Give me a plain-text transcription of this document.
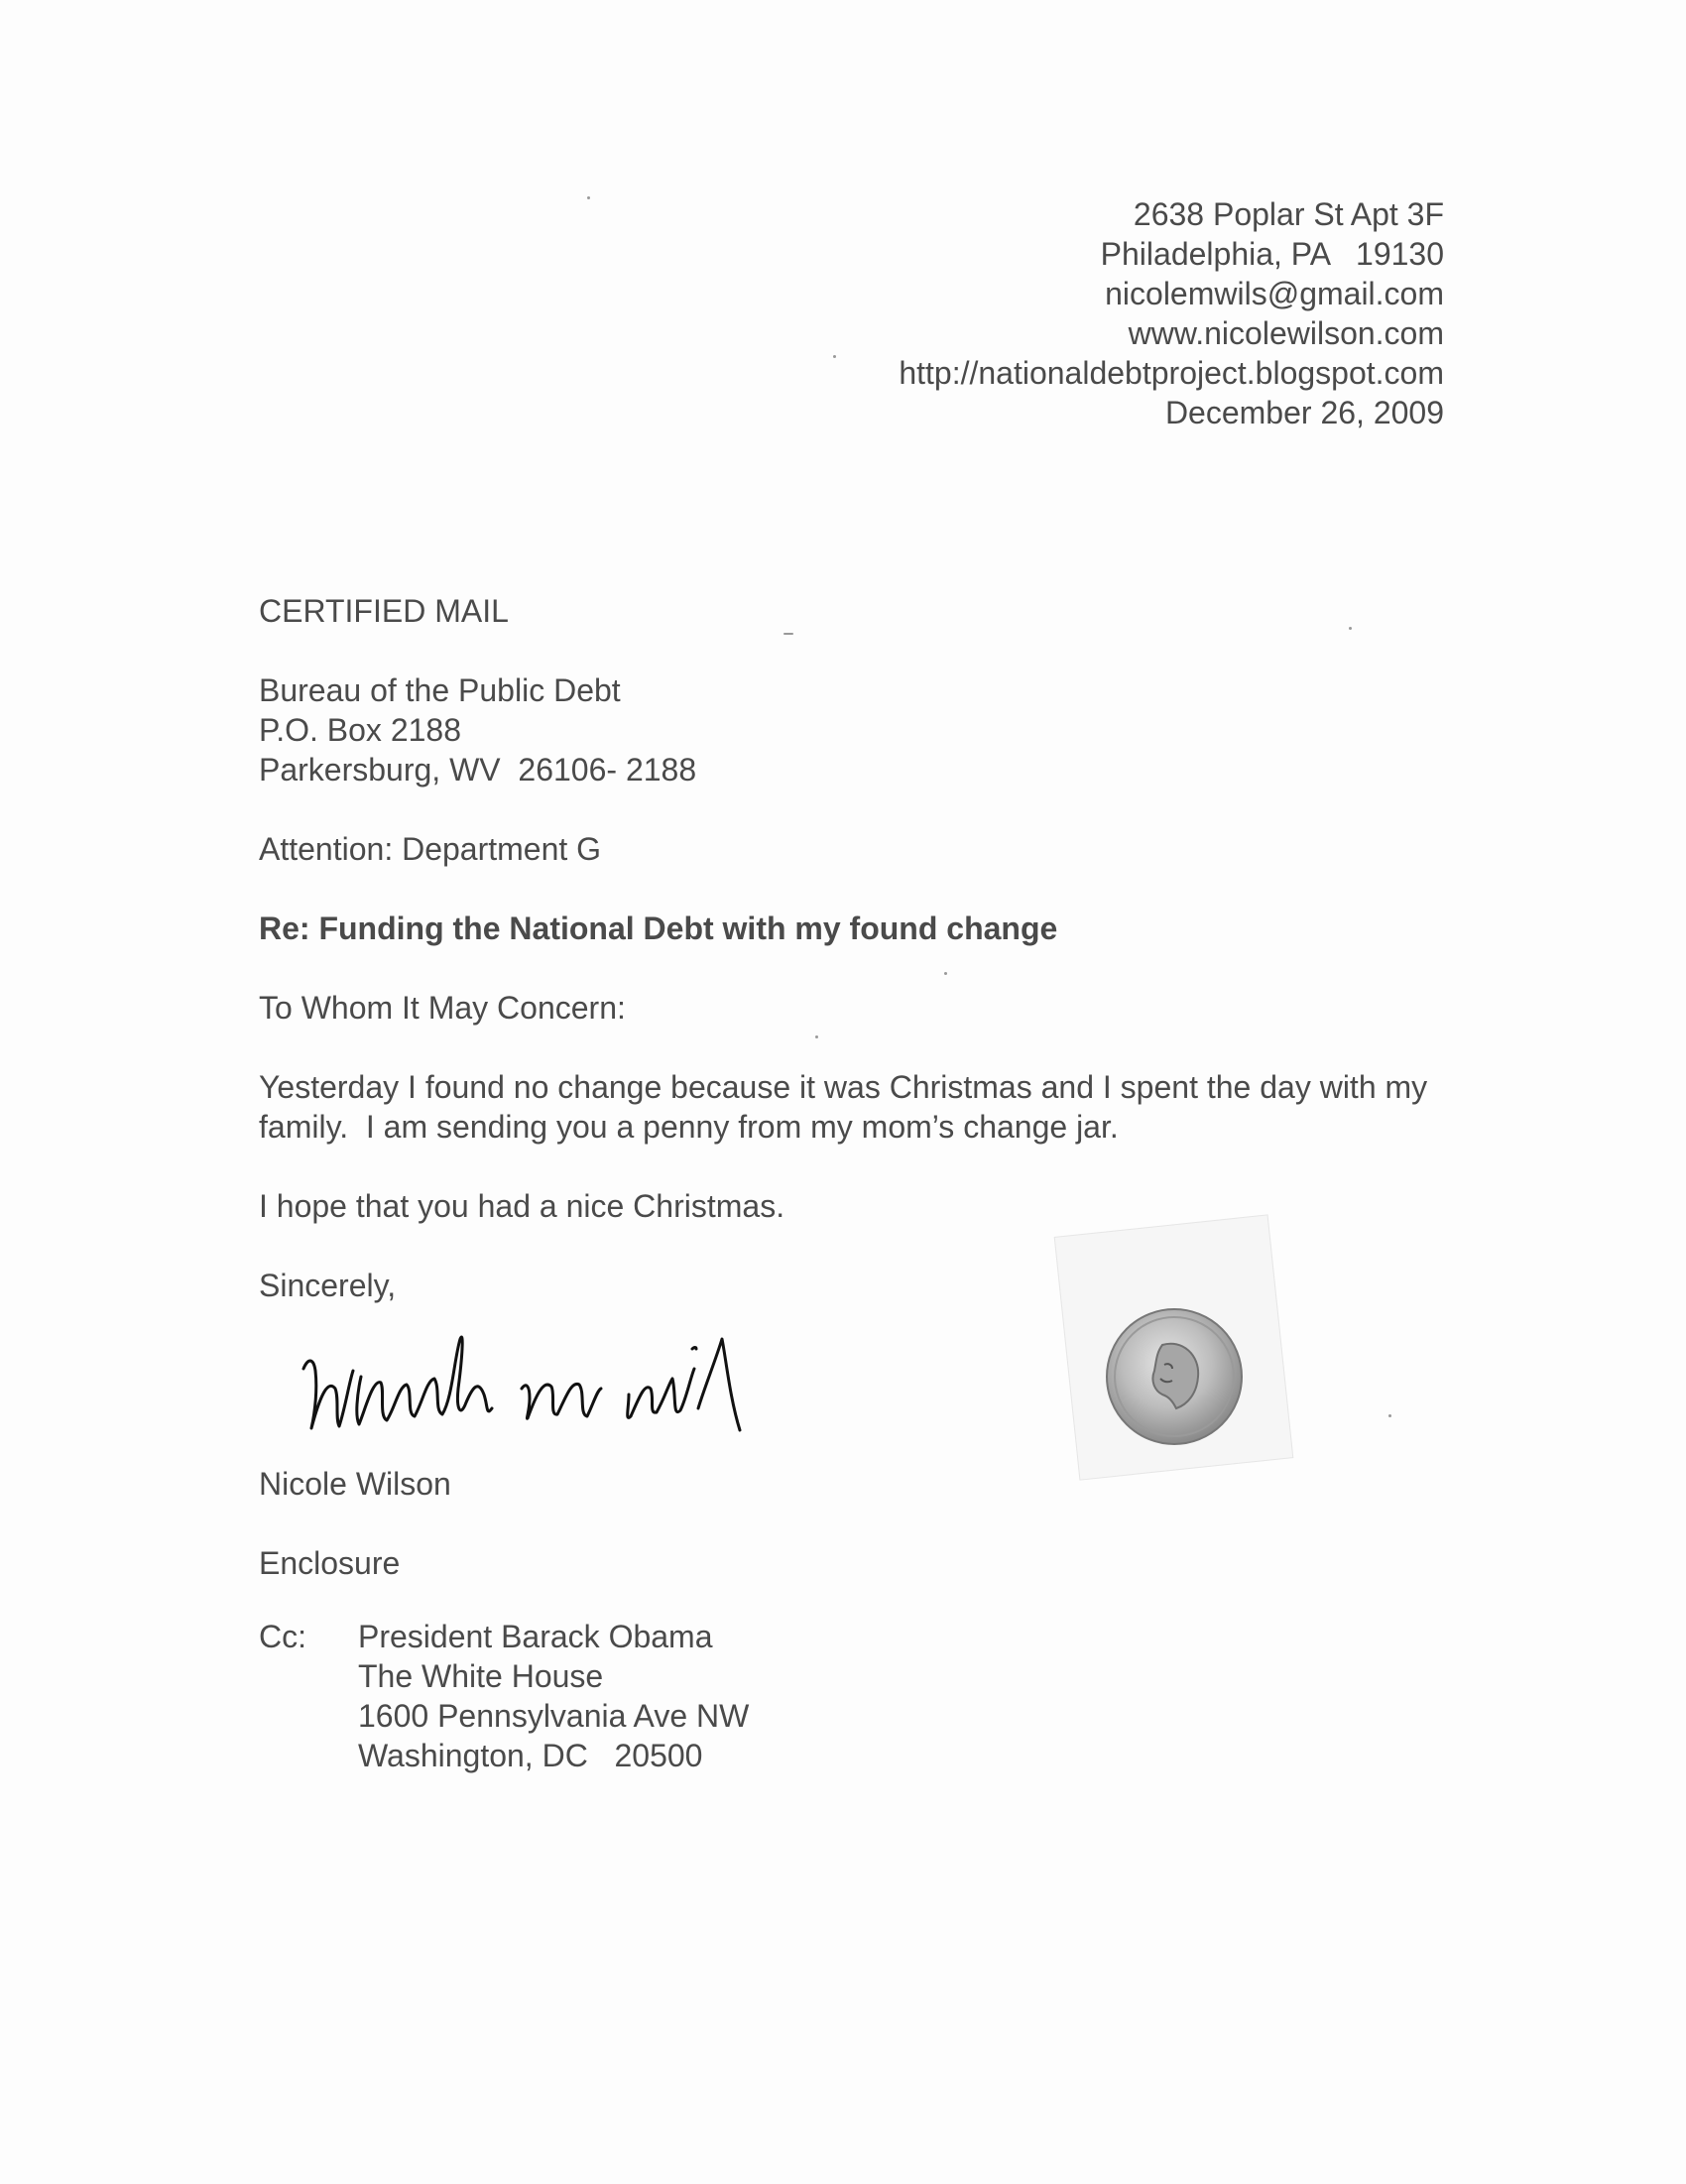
2638 Poplar St Apt 3F
Philadelphia, PA   19130
nicolemwils@gmail.com
www.nicolewilson.com
http://nationaldebtproject.blogspot.com
December 26, 2009
CERTIFIED MAIL
Bureau of the Public Debt
P.O. Box 2188
Parkersburg, WV  26106- 2188
Attention: Department G
Re: Funding the National Debt with my found change
To Whom It May Concern:
Yesterday I found no change because it was Christmas and I spent the day with my family.  I am sending you a penny from my mom’s change jar.
I hope that you had a nice Christmas.
Sincerely,
Nicole Wilson
Enclosure
Cc: President Barack Obama
The White House
1600 Pennsylvania Ave NW
Washington, DC   20500
